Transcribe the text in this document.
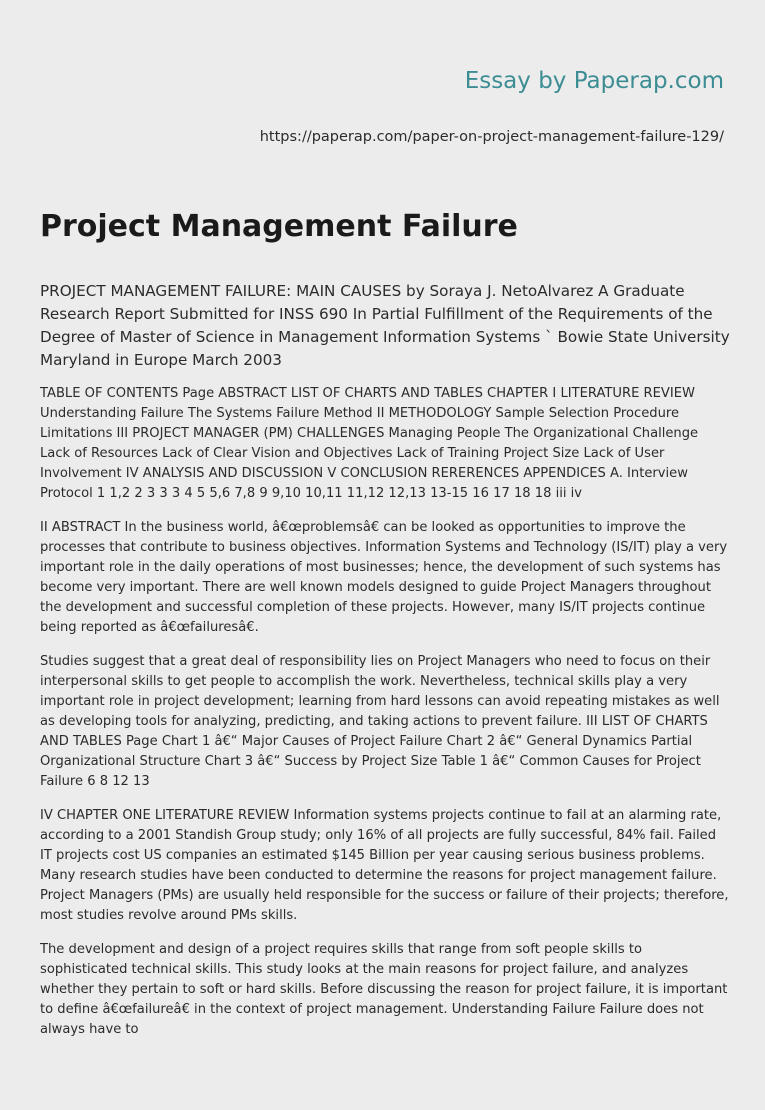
Essay by Paperap.com
https://paperap.com/paper-on-project-management-failure-129/
Project Management Failure

PROJECT MANAGEMENT FAILURE: MAIN CAUSES by Soraya J. NetoAlvarez A Graduate Research Report Submitted for INSS 690 In Partial Fulfillment of the Requirements of the Degree of Master of Science in Management Information Systems ` Bowie State University Maryland in Europe March 2003

TABLE OF CONTENTS Page ABSTRACT LIST OF CHARTS AND TABLES CHAPTER I LITERATURE REVIEW Understanding Failure The Systems Failure Method II METHODOLOGY Sample Selection Procedure Limitations III PROJECT MANAGER (PM) CHALLENGES Managing People The Organizational Challenge Lack of Resources Lack of Clear Vision and Objectives Lack of Training Project Size Lack of User Involvement IV ANALYSIS AND DISCUSSION V CONCLUSION RERERENCES APPENDICES A. Interview Protocol 1 1,2 2 3 3 3 4 5 5,6 7,8 9 9,10 10,11 11,12 12,13 13-15 16 17 18 18 iii iv

II ABSTRACT In the business world, â€œproblemsâ€ can be looked as opportunities to improve the processes that contribute to business objectives. Information Systems and Technology (IS/IT) play a very important role in the daily operations of most businesses; hence, the development of such systems has become very important. There are well known models designed to guide Project Managers throughout the development and successful completion of these projects. However, many IS/IT projects continue being reported as â€œfailuresâ€.

Studies suggest that a great deal of responsibility lies on Project Managers who need to focus on their interpersonal skills to get people to accomplish the work. Nevertheless, technical skills play a very important role in project development; learning from hard lessons can avoid repeating mistakes as well as developing tools for analyzing, predicting, and taking actions to prevent failure. III LIST OF CHARTS AND TABLES Page Chart 1 â€“ Major Causes of Project Failure Chart 2 â€“ General Dynamics Partial Organizational Structure Chart 3 â€“ Success by Project Size Table 1 â€“ Common Causes for Project Failure 6 8 12 13

IV CHAPTER ONE LITERATURE REVIEW Information systems projects continue to fail at an alarming rate, according to a 2001 Standish Group study; only 16% of all projects are fully successful, 84% fail. Failed IT projects cost US companies an estimated $145 Billion per year causing serious business problems. Many research studies have been conducted to determine the reasons for project management failure. Project Managers (PMs) are usually held responsible for the success or failure of their projects; therefore, most studies revolve around PMs skills.

The development and design of a project requires skills that range from soft people skills to sophisticated technical skills. This study looks at the main reasons for project failure, and analyzes whether they pertain to soft or hard skills. Before discussing the reason for project failure, it is important to define â€œfailureâ€ in the context of project management. Understanding Failure Failure does not always have to
